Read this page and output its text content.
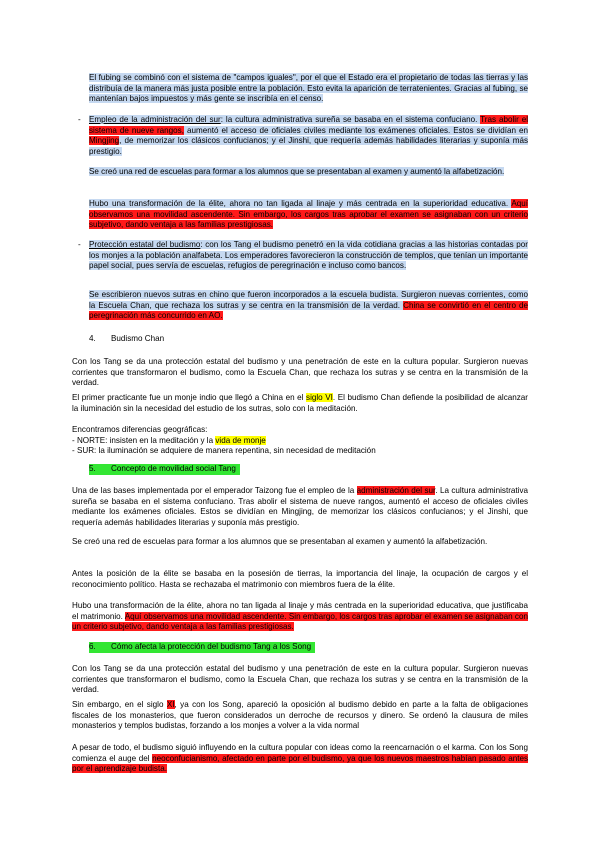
El fubing se combinó con el sistema de "campos iguales", por el que el Estado era el propietario de todas las tierras y las distribuía de la manera más justa posible entre la población. Esto evita la aparición de terratenientes. Gracias al fubing, se mantenían bajos impuestos y más gente se inscribía en el censo.
- Empleo de la administración del sur: la cultura administrativa sureña se basaba en el sistema confuciano. Tras abolir el sistema de nueve rangos, aumentó el acceso de oficiales civiles mediante los exámenes oficiales. Estos se dividían en Mingjing, de memorizar los clásicos confucianos; y el Jinshi, que requería además habilidades literarias y suponía más prestigio.
Se creó una red de escuelas para formar a los alumnos que se presentaban al examen y aumentó la alfabetización.
Hubo una transformación de la élite, ahora no tan ligada al linaje y más centrada en la superioridad educativa. Aquí observamos una movilidad ascendente. Sin embargo, los cargos tras aprobar el examen se asignaban con un criterio subjetivo, dando ventaja a las familias prestigiosas.
- Protección estatal del budismo: con los Tang el budismo penetró en la vida cotidiana gracias a las historias contadas por los monjes a la población analfabeta. Los emperadores favorecieron la construcción de templos, que tenían un importante papel social, pues servía de escuelas, refugios de peregrinación e incluso como bancos.
Se escribieron nuevos sutras en chino que fueron incorporados a la escuela budista. Surgieron nuevas corrientes, como la Escuela Chan, que rechaza los sutras y se centra en la transmisión de la verdad. China se convirtió en el centro de peregrinación más concurrido en AO.
4. Budismo Chan
Con los Tang se da una protección estatal del budismo y una penetración de este en la cultura popular. Surgieron nuevas corrientes que transformaron el budismo, como la Escuela Chan, que rechaza los sutras y se centra en la transmisión de la verdad.
El primer practicante fue un monje indio que llegó a China en el siglo VI. El budismo Chan defiende la posibilidad de alcanzar la iluminación sin la necesidad del estudio de los sutras, solo con la meditación.
Encontramos diferencias geográficas:
- NORTE: insisten en la meditación y la vida de monje
- SUR: la iluminación se adquiere de manera repentina, sin necesidad de meditación
5. Concepto de movilidad social Tang
Una de las bases implementada por el emperador Taizong fue el empleo de la administración del sur. La cultura administrativa sureña se basaba en el sistema confuciano. Tras abolir el sistema de nueve rangos, aumentó el acceso de oficiales civiles mediante los exámenes oficiales. Estos se dividían en Mingjing, de memorizar los clásicos confucianos; y el Jinshi, que requería además habilidades literarias y suponía más prestigio.
Se creó una red de escuelas para formar a los alumnos que se presentaban al examen y aumentó la alfabetización.
Antes la posición de la élite se basaba en la posesión de tierras, la importancia del linaje, la ocupación de cargos y el reconocimiento político. Hasta se rechazaba el matrimonio con miembros fuera de la élite.
Hubo una transformación de la élite, ahora no tan ligada al linaje y más centrada en la superioridad educativa, que justificaba el matrimonio. Aquí observamos una movilidad ascendente. Sin embargo, los cargos tras aprobar el examen se asignaban con un criterio subjetivo, dando ventaja a las familias prestigiosas.
6. Cómo afecta la protección del budismo Tang a los Song
Con los Tang se da una protección estatal del budismo y una penetración de este en la cultura popular. Surgieron nuevas corrientes que transformaron el budismo, como la Escuela Chan, que rechaza los sutras y se centra en la transmisión de la verdad.
Sin embargo, en el siglo XI, ya con los Song, apareció la oposición al budismo debido en parte a la falta de obligaciones fiscales de los monasterios, que fueron considerados un derroche de recursos y dinero. Se ordenó la clausura de miles monasterios y templos budistas, forzando a los monjes a volver a la vida normal
A pesar de todo, el budismo siguió influyendo en la cultura popular con ideas como la reencarnación o el karma. Con los Song comienza el auge del neoconfucianismo, afectado en parte por el budismo, ya que los nuevos maestros habían pasado antes por el aprendizaje budista.
